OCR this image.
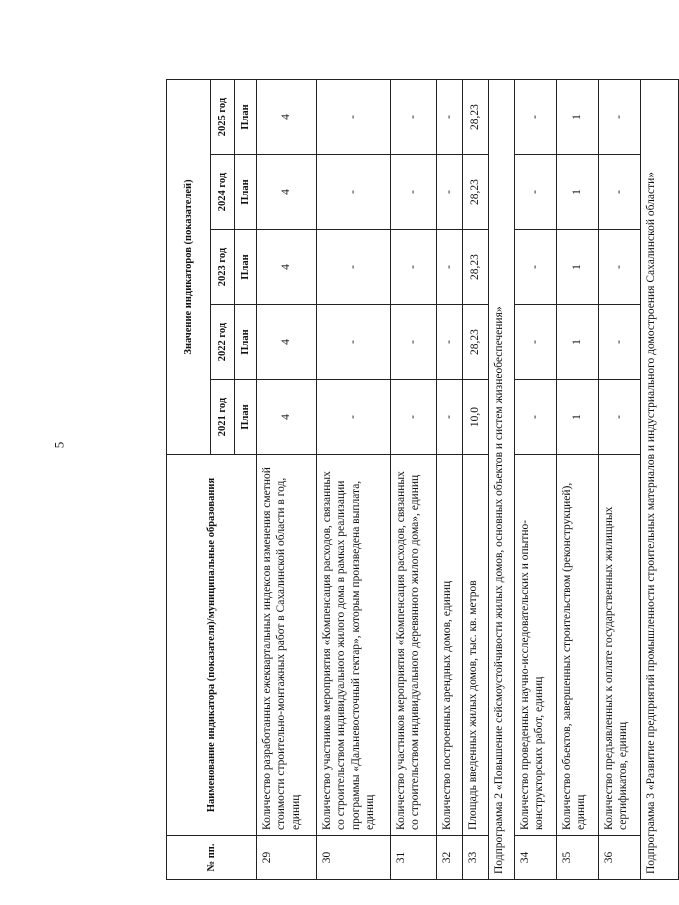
5
№ пп.	Наименование индикатора (показателя)/муниципальные образования	Значение индикаторов (показателей)				
		2021 год	2022 год	2023 год	2024 год	2025 год
		План	План	План	План	План
29	Количество разработанных ежеквартальных индексов изменения сметной стоимости строительно-монтажных работ в Сахалинской области в год, единиц	4	4	4	4	4
30	Количество участников мероприятия «Компенсация расходов, связанных со строительством индивидуального жилого дома в рамках реализации программы «Дальневосточный гектар», которым произведена выплата, единиц	-	-	-	-	-
31	Количество участников мероприятия «Компенсация расходов, связанных со строительством индивидуального деревянного жилого дома», единиц	-	-	-	-	-
32	Количество построенных арендных домов, единиц	-	-	-	-	-
33	Площадь введенных жилых домов, тыс. кв. метров	10,0	28,23	28,23	28,23	28,23
Подпрограмма 2 «Повышение сейсмоустойчивости жилых домов, основных объектов и систем жизнеобеспечения»						
34	Количество проведенных научно-исследовательских и опытно-конструкторских работ, единиц	-	-	-	-	-
35	Количество объектов, завершенных строительством (реконструкцией), единиц	1	1	1	1	1
36	Количество предъявленных к оплате государственных жилищных сертификатов, единиц	-	-	-	-	-
Подпрограмма 3 «Развитие предприятий промышленности строительных материалов и индустриального домостроения Сахалинской области»						
